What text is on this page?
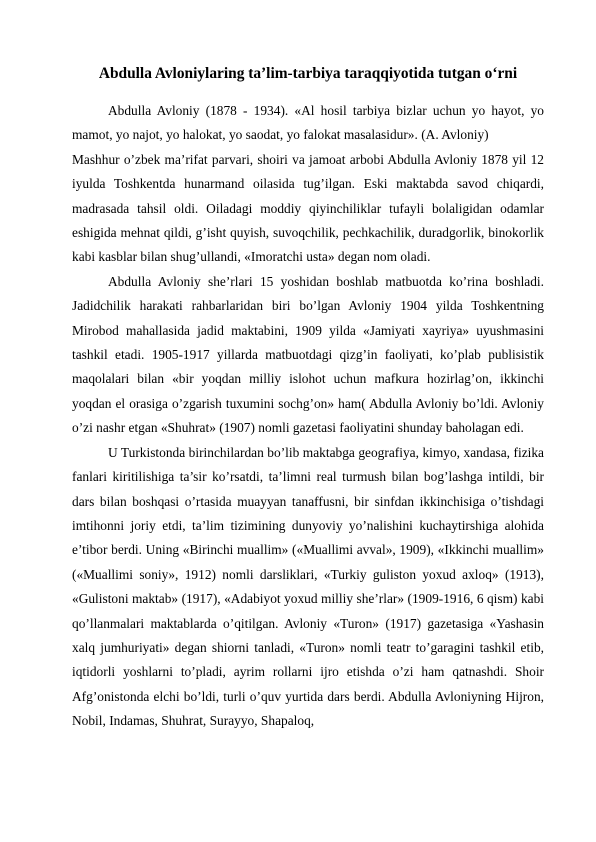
Abdulla Avloniylaring ta’lim-tarbiya taraqqiyotida tutgan o‘rni

Abdulla Avloniy (1878 - 1934). «Al hosil tarbiya bizlar uchun yo hayot, yo mamot, yo najot, yo halokat, yo saodat, yo falokat masalasidur». (A. Avloniy)

Mashhur o’zbek ma’rifat parvari, shoiri va jamoat arbobi Abdulla Avloniy 1878 yil 12 iyulda Toshkentda hunarmand oilasida tug’ilgan. Eski maktabda savod chiqardi, madrasada tahsil oldi. Oiladagi moddiy qiyinchiliklar tufayli bolaligidan odamlar eshigida mehnat qildi, g’isht quyish, suvoqchilik, pechkachilik, duradgorlik, binokorlik kabi kasblar bilan shug’ullandi, «Imoratchi usta» degan nom oladi.

Abdulla Avloniy she’rlari 15 yoshidan boshlab matbuotda ko’rina boshladi. Jadidchilik harakati rahbarlaridan biri bo’lgan Avloniy 1904 yilda Toshkentning Mirobod mahallasida jadid maktabini, 1909 yilda «Jamiyati xayriya» uyushmasini tashkil etadi. 1905-1917 yillarda matbuotdagi qizg’in faoliyati, ko’plab publisistik maqolalari bilan «bir yoqdan milliy islohot uchun mafkura hozirlag’on, ikkinchi yoqdan el orasiga o’zgarish tuxumini sochg’on» ham( Abdulla Avloniy bo’ldi. Avloniy o’zi nashr etgan «Shuhrat» (1907) nomli gazetasi faoliyatini shunday baholagan edi.

U Turkistonda birinchilardan bo’lib maktabga geografiya, kimyo, xandasa, fizika fanlari kiritilishiga ta’sir ko’rsatdi, ta’limni real turmush bilan bog’lashga intildi, bir dars bilan boshqasi o’rtasida muayyan tanaffusni, bir sinfdan ikkinchisiga o’tishdagi imtihonni joriy etdi, ta’lim tizimining dunyoviy yo’nalishini kuchaytirshiga alohida e’tibor berdi. Uning «Birinchi muallim» («Muallimi avval», 1909), «Ikkinchi muallim» («Muallimi soniy», 1912) nomli darsliklari, «Turkiy guliston yoxud axloq» (1913), «Gulistoni maktab» (1917), «Adabiyot yoxud milliy she’rlar» (1909-1916, 6 qism) kabi qo’llanmalari maktablarda o’qitilgan. Avloniy «Turon» (1917) gazetasiga «Yashasin xalq jumhuriyati» degan shiorni tanladi, «Turon» nomli teatr to’garagini tashkil etib, iqtidorli yoshlarni to’pladi, ayrim rollarni ijro etishda o’zi ham qatnashdi. Shoir Afg’onistonda elchi bo’ldi, turli o’quv yurtida dars berdi. Abdulla Avloniyning Hijron, Nobil, Indamas, Shuhrat, Surayyo, Shapaloq,
